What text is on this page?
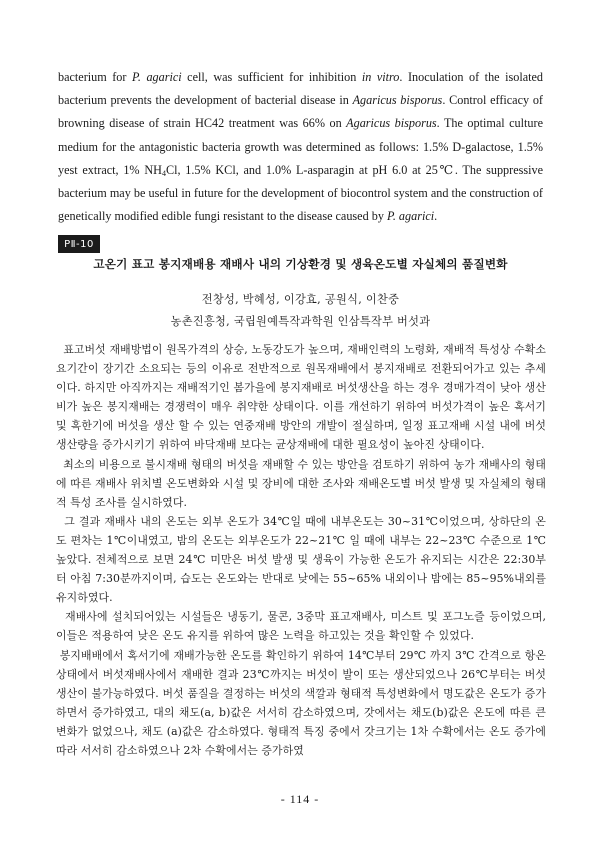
bacterium for P. agarici cell, was sufficient for inhibition in vitro. Inoculation of the isolated bacterium prevents the development of bacterial disease in Agaricus bisporus. Control efficacy of browning disease of strain HC42 treatment was 66% on Agaricus bisporus. The optimal culture medium for the antagonistic bacteria growth was determined as follows: 1.5% D-galactose, 1.5% yest extract, 1% $NH_4Cl$, 1.5% KCl, and 1.0% L-asparagin at pH 6.0 at 25℃. The suppressive bacterium may be useful in future for the development of biocontrol system and the construction of genetically modified edible fungi resistant to the disease caused by P. agarici.

PⅡ-10
고온기 표고 봉지재배용 재배사 내의 기상환경 및 생육온도별 자실체의 품질변화
전창성, 박혜성, 이강효, 공원식, 이찬중
농촌진흥청, 국립원예특작과학원 인삼특작부 버섯과

표고버섯 재배방법이 원목가격의 상승, 노동강도가 높으며, 재배인력의 노령화, 재배적 특성상 수확소요기간이 장기간 소요되는 등의 이유로 전반적으로 원목재배에서 봉지재배로 전환되어가고 있는 추세이다. 하지만 아직까지는 재배적기인 봄가을에 봉지재배로 버섯생산을 하는 경우 경매가격이 낮아 생산비가 높은 봉지재배는 경쟁력이 매우 취약한 상태이다. 이를 개선하기 위하여 버섯가격이 높은 혹서기 및 혹한기에 버섯을 생산 할 수 있는 연중재배 방안의 개발이 절실하며, 일정 표고재배 시설 내에 버섯생산량을 증가시키기 위하여 바닥재배 보다는 균상재배에 대한 필요성이 높아진 상태이다.

최소의 비용으로 불시재배 형태의 버섯을 재배할 수 있는 방안을 검토하기 위하여 농가 재배사의 형태에 따른 재배사 위치별 온도변화와 시설 및 장비에 대한 조사와 재배온도별 버섯 발생 및 자실체의 형태적 특성 조사를 실시하였다.

그 결과 재배사 내의 온도는 외부 온도가 34℃일 때에 내부온도는 30~31℃이었으며, 상하단의 온도 편차는 1℃이내였고, 밤의 온도는 외부온도가 22~21℃ 일 때에 내부는 22~23℃ 수준으로 1℃ 높았다. 전체적으로 보면 24℃ 미만은 버섯 발생 및 생육이 가능한 온도가 유지되는 시간은 22:30부터 아침 7:30분까지이며, 습도는 온도와는 반대로 낮에는 55~65% 내외이나 밤에는 85~95%내외를 유지하였다.

재배사에 설치되어있는 시설들은 냉동기, 물콘, 3중막 표고재배사, 미스트 및 포그노즐 등이었으며, 이들은 적용하여 낮은 온도 유지를 위하여 많은 노력을 하고있는 것을 확인할 수 있었다.

봉지배배에서 혹서기에 재배가능한 온도를 확인하기 위하여 14℃부터 29℃ 까지 3℃ 간격으로 항온상태에서 버섯재배사에서 재배한 결과 23℃까지는 버섯이 발이 또는 생산되었으나 26℃부터는 버섯생산이 불가능하였다. 버섯 품질을 결정하는 버섯의 색깔과 형태적 특성변화에서 명도값은 온도가 증가하면서 증가하였고, 대의 채도(a, b)값은 서서히 감소하였으며, 갓에서는 채도(b)값은 온도에 따른 큰 변화가 없었으나, 채도 (a)값은 감소하였다. 형태적 특징 중에서 갓크기는 1차 수확에서는 온도 증가에 따라 서서히 감소하였으나 2차 수확에서는 증가하였

- 114 -
